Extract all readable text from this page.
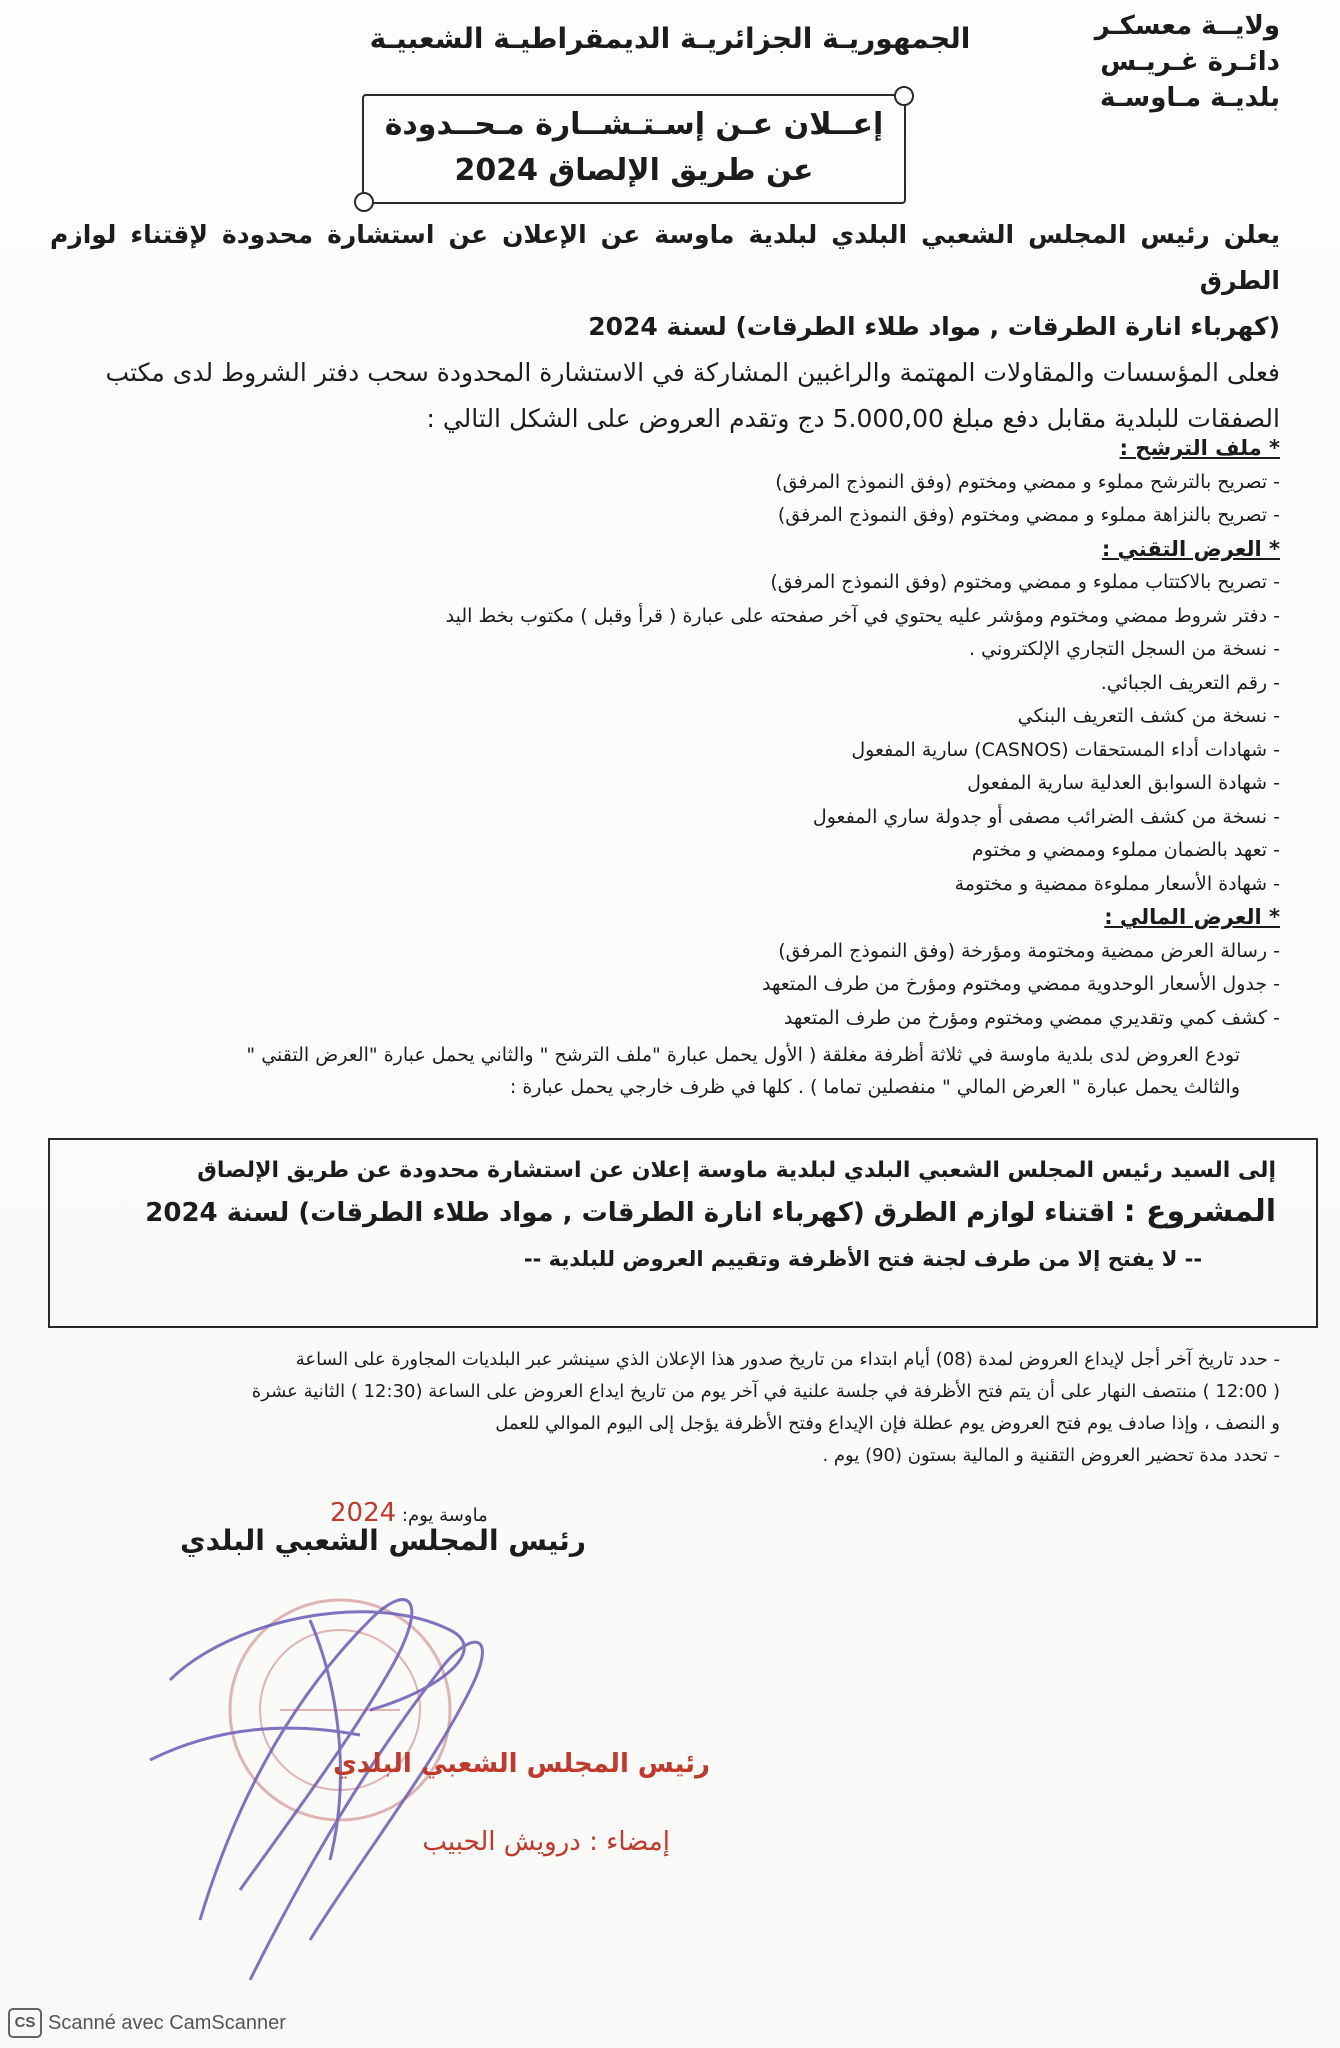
الجمهوريـة الجزائريـة الديمقراطيـة الشعبيـة	ولايــة معسكـر
دائـرة غـريـس
بلديـة مـاوسـة
إعــلان عـن إسـتـشــارة مـحــدودة
عن طريق الإلصاق 2024

يعلن رئيس المجلس الشعبي البلدي لبلدية ماوسة عن الإعلان عن استشارة محدودة لإقتناء لوازم الطرق

(كهرباء انارة الطرقات , مواد طلاء الطرقات) لسنة 2024

فعلى المؤسسات والمقاولات المهتمة والراغبين المشاركة في الاستشارة المحدودة سحب دفتر الشروط لدى مكتب

الصفقات للبلدية مقابل دفع مبلغ 5.000,00 دج وتقدم العروض على الشكل التالي :

* ملف الترشح :
- تصريح بالترشح مملوء و ممضي ومختوم (وفق النموذج المرفق)
- تصريح بالنزاهة مملوء و ممضي ومختوم (وفق النموذج المرفق)
* العرض التقني :
- تصريح بالاكتتاب مملوء و ممضي ومختوم (وفق النموذج المرفق)
- دفتر شروط ممضي ومختوم ومؤشر عليه يحتوي في آخر صفحته على عبارة ( قرأ وقبل ) مكتوب بخط اليد
- نسخة من السجل التجاري الإلكتروني .
- رقم التعريف الجبائي.
- نسخة من كشف التعريف البنكي
- شهادات أداء المستحقات (CASNOS) سارية المفعول
- شهادة السوابق العدلية سارية المفعول
- نسخة من كشف الضرائب مصفى أو جدولة ساري المفعول
- تعهد بالضمان مملوء وممضي و مختوم
- شهادة الأسعار مملوءة ممضية و مختومة
* العرض المالي :
- رسالة العرض ممضية ومختومة ومؤرخة (وفق النموذج المرفق)
- جدول الأسعار الوحدوية ممضي ومختوم ومؤرخ من طرف المتعهد
- كشف كمي وتقديري ممضي ومختوم ومؤرخ من طرف المتعهد
تودع العروض لدى بلدية ماوسة في ثلاثة أظرفة مغلقة ( الأول يحمل عبارة "ملف الترشح " والثاني يحمل عبارة "العرض التقني "
والثالث يحمل عبارة " العرض المالي " منفصلين تماما ) . كلها في ظرف خارجي يحمل عبارة :
إلى السيد رئيس المجلس الشعبي البلدي لبلدية ماوسة إعلان عن استشارة محدودة عن طريق الإلصاق
المشروع : اقتناء لوازم الطرق (كهرباء انارة الطرقات , مواد طلاء الطرقات) لسنة 2024
-- لا يفتح إلا من طرف لجنة فتح الأظرفة وتقييم العروض للبلدية --

- حدد تاريخ آخر أجل لإيداع العروض لمدة (08) أيام ابتداء من تاريخ صدور هذا الإعلان الذي سينشر عبر البلديات المجاورة على الساعة

( 12:00 ) منتصف النهار على أن يتم فتح الأظرفة في جلسة علنية في آخر يوم من تاريخ ايداع العروض على الساعة (12:30 ) الثانية عشرة

و النصف ، وإذا صادف يوم فتح العروض يوم عطلة فإن الإيداع وفتح الأظرفة يؤجل إلى اليوم الموالي للعمل

- تحدد مدة تحضير العروض التقنية و المالية بستون (90) يوم .

ماوسة يوم: 2024
رئيس المجلس الشعبي البلدي
رئيس المجلس الشعبي البلدي
إمضاء : درويش الحبيب
CS Scanné avec CamScanner
